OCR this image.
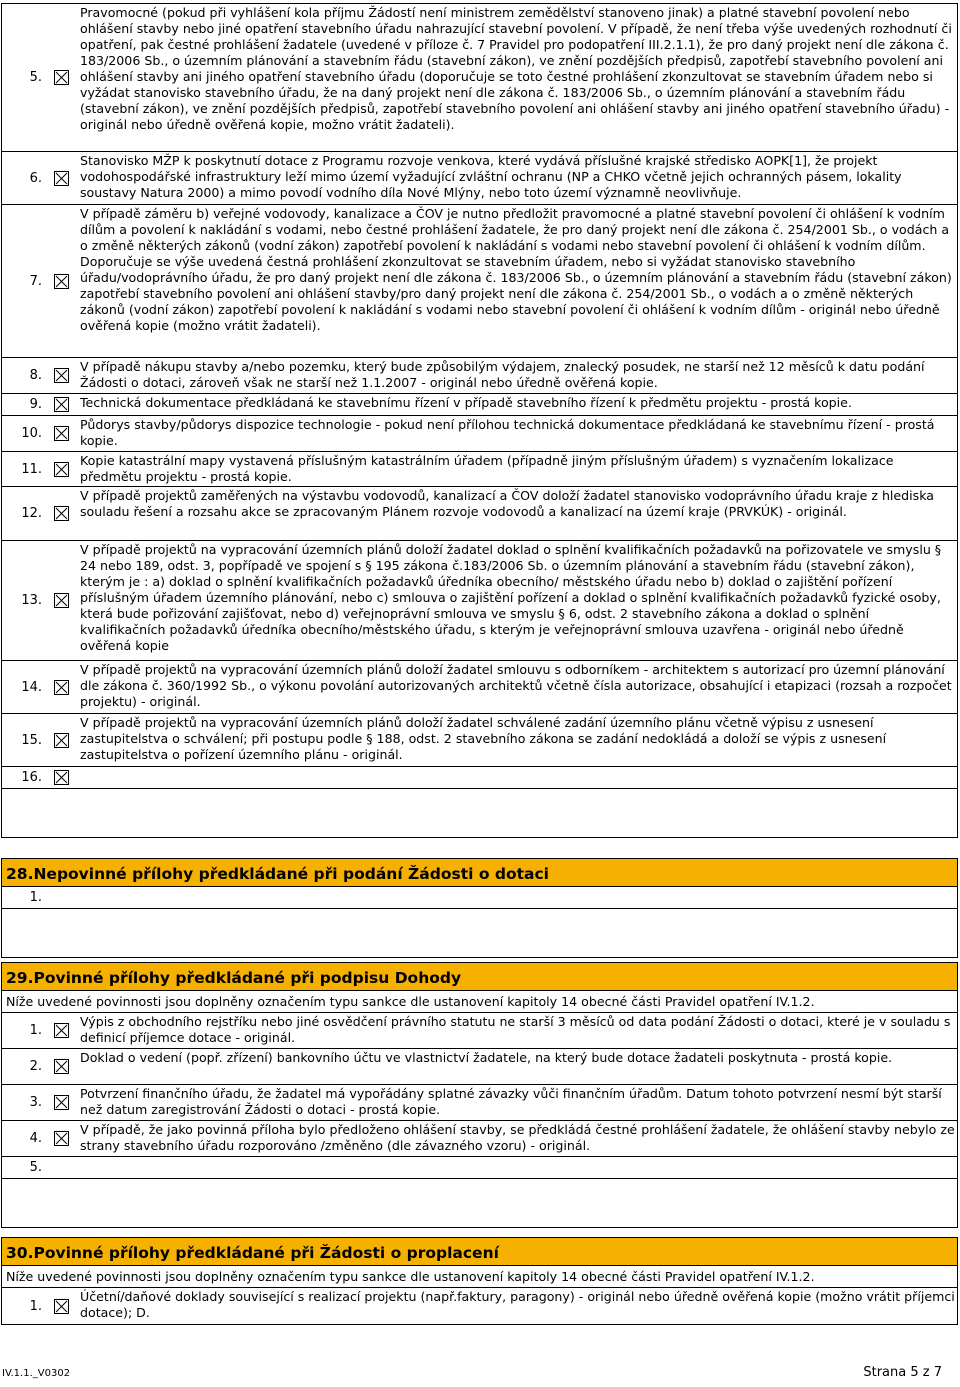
5.
Pravomocné (pokud při vyhlášení kola příjmu Žádostí není ministrem zemědělství stanoveno jinak) a platné stavební povolení nebo ohlášení stavby nebo jiné opatření stavebního úřadu nahrazující stavební povolení. V případě, že není třeba výše uvedených rozhodnutí či opatření, pak čestné prohlášení žadatele (uvedené v příloze č. 7 Pravidel pro podopatření III.2.1.1), že pro daný projekt není dle zákona č. 183/2006 Sb., o územním plánování a stavebním řádu (stavební zákon), ve znění pozdějších předpisů, zapotřebí stavebního povolení ani ohlášení stavby ani jiného opatření stavebního úřadu (doporučuje se toto čestné prohlášení zkonzultovat se stavebním úřadem nebo si vyžádat stanovisko stavebního úřadu, že na daný projekt není dle zákona č. 183/2006 Sb., o územním plánování a stavebním řádu (stavební zákon), ve znění pozdějších předpisů, zapotřebí stavebního povolení ani ohlášení stavby ani jiného opatření stavebního úřadu) - originál nebo úředně ověřená kopie, možno vrátit žadateli).
6.
Stanovisko MŽP k poskytnutí dotace z Programu rozvoje venkova, které vydává příslušné krajské středisko AOPK[1], že projekt vodohospodářské infrastruktury leží mimo území vyžadující zvláštní ochranu (NP a CHKO včetně jejich ochranných pásem, lokality soustavy Natura 2000) a mimo povodí vodního díla Nové Mlýny, nebo toto území významně neovlivňuje.
7.
V případě záměru b) veřejné vodovody, kanalizace a ČOV je nutno předložit pravomocné a platné stavební povolení či ohlášení k vodním dílům a povolení k nakládání s vodami, nebo čestné prohlášení žadatele, že pro daný projekt není dle zákona č. 254/2001 Sb., o vodách a o změně některých zákonů (vodní zákon) zapotřebí povolení k nakládání s vodami nebo stavební povolení či ohlášení k vodním dílům. Doporučuje se výše uvedená čestná prohlášení zkonzultovat se stavebním úřadem, nebo si vyžádat stanovisko stavebního úřadu/vodoprávního úřadu, že pro daný projekt není dle zákona č. 183/2006 Sb., o územním plánování a stavebním řádu (stavební zákon) zapotřebí stavebního povolení ani ohlášení stavby/pro daný projekt není dle zákona č. 254/2001 Sb., o vodách a o změně některých zákonů (vodní zákon) zapotřebí povolení k nakládání s vodami nebo stavební povolení či ohlášení k vodním dílům - originál nebo úředně ověřená kopie (možno vrátit žadateli).
8.
V případě nákupu stavby a/nebo pozemku, který bude způsobilým výdajem, znalecký posudek, ne starší než 12 měsíců k datu podání Žádosti o dotaci, zároveň však ne starší než 1.1.2007 - originál nebo úředně ověřená kopie.
9.	Technická dokumentace předkládaná ke stavebnímu řízení v případě stavebního řízení k předmětu projektu - prostá kopie.
10.
Půdorys stavby/půdorys dispozice technologie - pokud není přílohou technická dokumentace předkládaná ke stavebnímu řízení - prostá kopie.
11.
Kopie katastrální mapy vystavená příslušným katastrálním úřadem (případně jiným příslušným úřadem) s vyznačením lokalizace předmětu projektu - prostá kopie.
12.
V případě projektů zaměřených na výstavbu vodovodů, kanalizací a ČOV doloží žadatel stanovisko vodoprávního úřadu kraje z hlediska souladu řešení a rozsahu akce se zpracovaným Plánem rozvoje vodovodů a kanalizací na území kraje (PRVKÚK) - originál.
13.
V případě projektů na vypracování územních plánů doloží žadatel doklad o splnění kvalifikačních požadavků na pořizovatele ve smyslu § 24 nebo 189, odst. 3, popřípadě ve spojení s § 195 zákona č.183/2006 Sb. o územním plánování a stavebním řádu (stavební zákon), kterým je : a) doklad o splnění kvalifikačních požadavků úředníka obecního/ městského úřadu nebo b) doklad o zajištění pořízení příslušným úřadem územního plánování, nebo c) smlouva o zajištění pořízení a doklad o splnění kvalifikačních požadavků fyzické osoby, která bude pořizování zajišťovat, nebo d) veřejnoprávní smlouva ve smyslu § 6, odst. 2 stavebního zákona a doklad o splnění kvalifikačních požadavků úředníka obecního/městského úřadu, s kterým je veřejnoprávní smlouva uzavřena - originál nebo úředně ověřená kopie
14.
V případě projektů na vypracování územních plánů doloží žadatel smlouvu s odborníkem - architektem s autorizací pro územní plánování dle zákona č. 360/1992 Sb., o výkonu povolání autorizovaných architektů včetně čísla autorizace, obsahující i etapizaci (rozsah a rozpočet projektu) - originál.
15.
V případě projektů na vypracování územních plánů doloží žadatel schválené zadání územního plánu včetně výpisu z usnesení zastupitelstva o schválení; při postupu podle § 188, odst. 2 stavebního zákona se zadání nedokládá a doloží se výpis z usnesení zastupitelstva o pořízení územního plánu - originál.
16.
28.Nepovinné přílohy předkládané při podání Žádosti o dotaci
1.
29.Povinné přílohy předkládané při podpisu Dohody
Níže uvedené povinnosti jsou doplněny označením typu sankce dle ustanovení kapitoly 14 obecné části Pravidel opatření IV.1.2.
1.
Výpis z obchodního rejstříku nebo jiné osvědčení právního statutu ne starší 3 měsíců od data podání Žádosti o dotaci, které je v souladu s definicí příjemce dotace - originál.
2.
Doklad o vedení (popř. zřízení) bankovního účtu ve vlastnictví žadatele, na který bude dotace žadateli poskytnuta - prostá kopie.
3.
Potvrzení finančního úřadu, že žadatel má vypořádány splatné závazky vůči finančním úřadům. Datum tohoto potvrzení nesmí být starší než datum zaregistrování Žádosti o dotaci - prostá kopie.
4.
V případě, že jako povinná příloha bylo předloženo ohlášení stavby, se předkládá čestné prohlášení žadatele, že ohlášení stavby nebylo ze strany stavebního úřadu rozporováno /změněno (dle závazného vzoru) - originál.
5.
30.Povinné přílohy předkládané při Žádosti o proplacení
Níže uvedené povinnosti jsou doplněny označením typu sankce dle ustanovení kapitoly 14 obecné části Pravidel opatření IV.1.2.
1.
Účetní/daňové doklady související s realizací projektu (např.faktury, paragony) - originál nebo úředně ověřená kopie (možno vrátit příjemci dotace); D.
IV.1.1._V0302	Strana 5 z 7
